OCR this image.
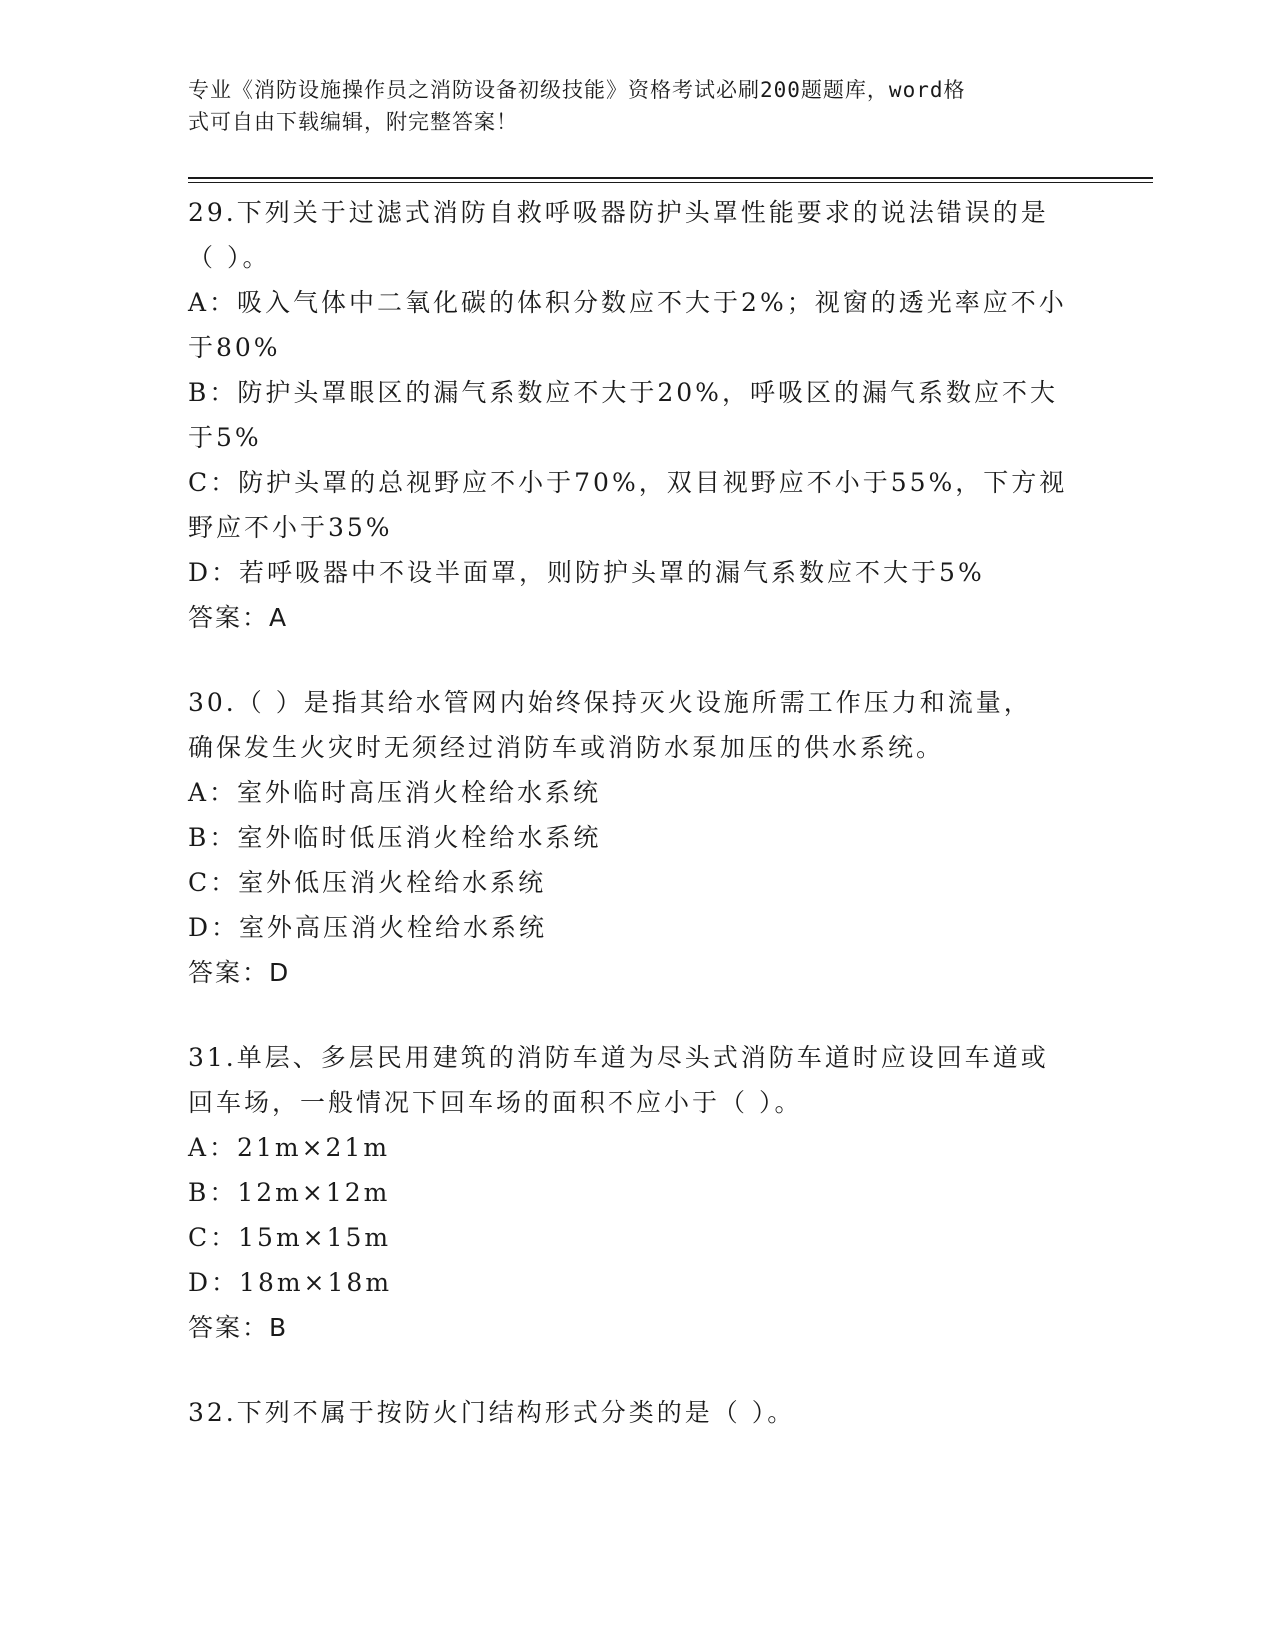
专业《消防设施操作员之消防设备初级技能》资格考试必刷200题题库，word格
式可自由下载编辑，附完整答案！
29.下列关于过滤式消防自救呼吸器防护头罩性能要求的说法错误的是
（ ）。
A：吸入气体中二氧化碳的体积分数应不大于2%；视窗的透光率应不小
于80%
B：防护头罩眼区的漏气系数应不大于20%，呼吸区的漏气系数应不大
于5%
C：防护头罩的总视野应不小于70%，双目视野应不小于55%，下方视
野应不小于35%
D：若呼吸器中不设半面罩，则防护头罩的漏气系数应不大于5%
答案：A
30.（ ）是指其给水管网内始终保持灭火设施所需工作压力和流量，
确保发生火灾时无须经过消防车或消防水泵加压的供水系统。
A：室外临时高压消火栓给水系统
B：室外临时低压消火栓给水系统
C：室外低压消火栓给水系统
D：室外高压消火栓给水系统
答案：D
31.单层、多层民用建筑的消防车道为尽头式消防车道时应设回车道或
回车场，一般情况下回车场的面积不应小于（ ）。
A：21m×21m
B：12m×12m
C：15m×15m
D：18m×18m
答案：B
32.下列不属于按防火门结构形式分类的是（ ）。
